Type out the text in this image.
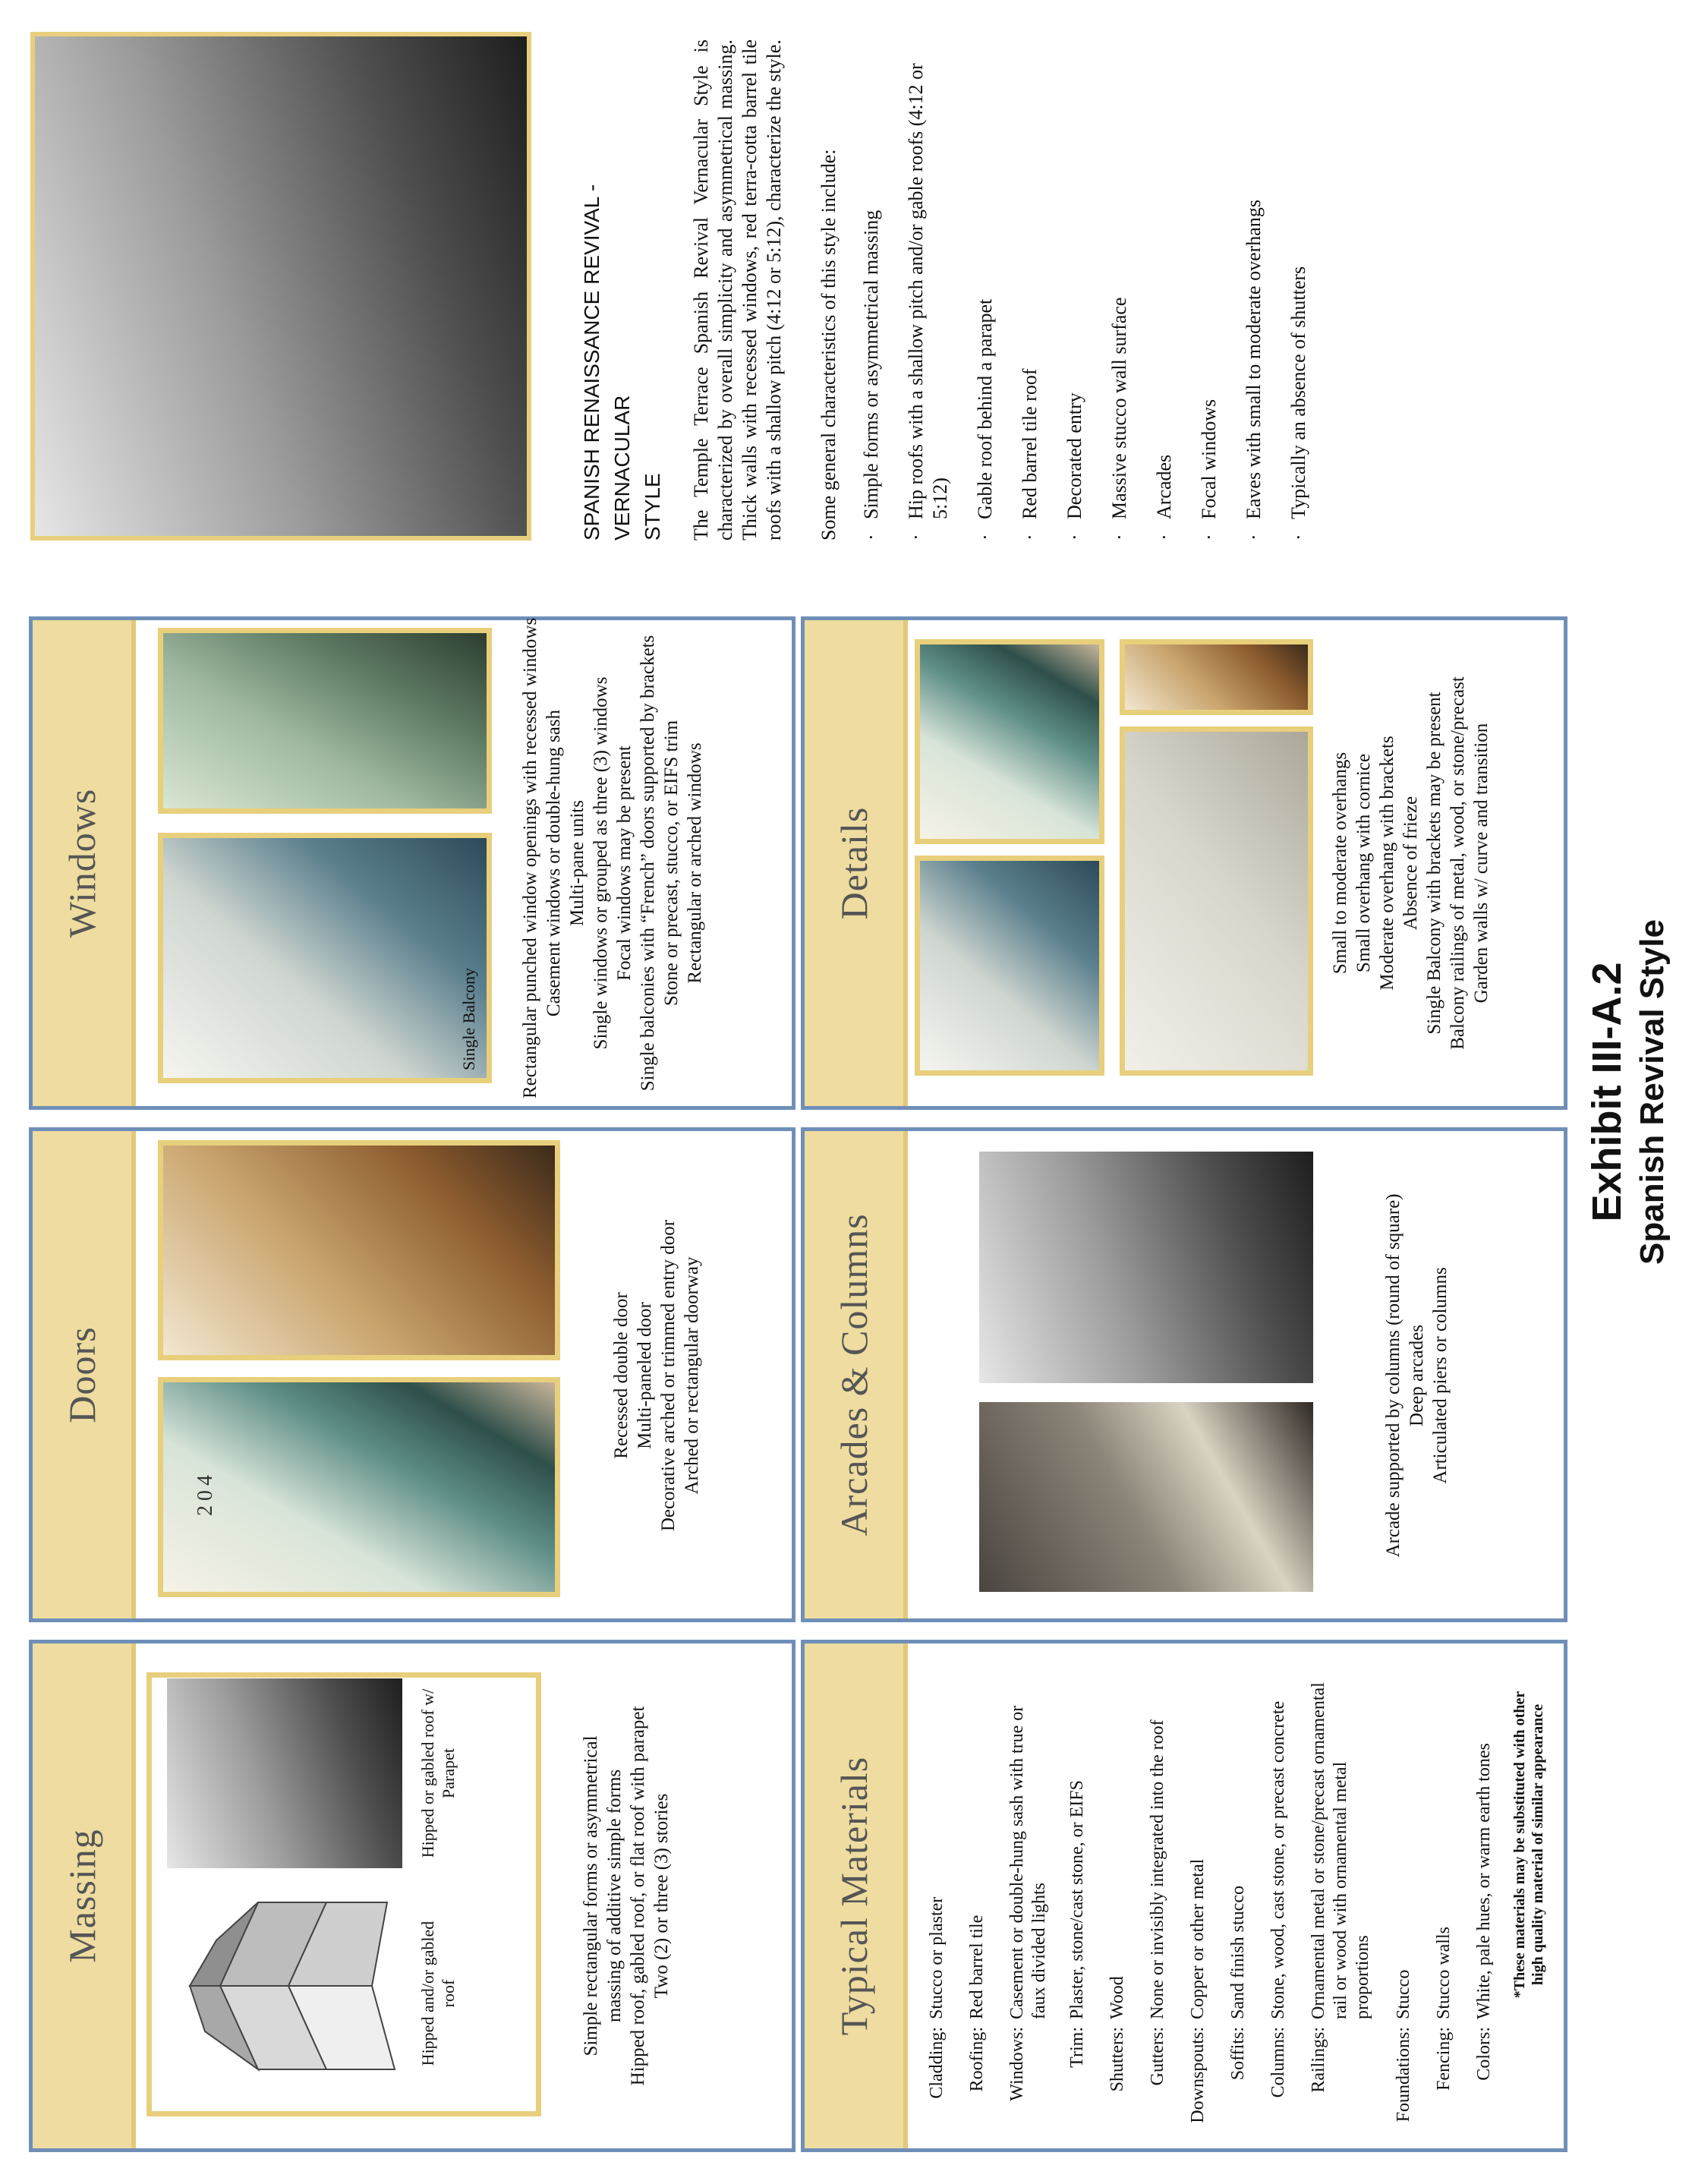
Massing
Hipped and/or gabled roof
Hipped or gabled roof w/ Parapet	Simple rectangular forms or asymmetrical massing of additive simple forms Hipped roof, gabled roof, or flat roof with parapet Two (2) or three (3) stories
Doors
204
Recessed double door Multi-paneled door Decorative arched or trimmed entry door Arched or rectangular doorway
Windows
Single Balcony Rectangular punched window openings with recessed windows Casement windows or double-hung sash Multi-pane units Single windows or grouped as three (3) windows Focal windows may be present Single balconies with “French” doors supported by brackets Stone or precast, stucco, or EIFS trim Rectangular or arched windows
Typical Materials
Cladding:
Stucco or plaster
Roofing:
Red barrel tile
Windows:
Casement or double-hung sash with true or faux divided lights
Trim:
Plaster, stone/cast stone, or EIFS
Shutters:
Wood
Gutters:
None or invisibly integrated into the roof
Downspouts:
Copper or other metal
Soffits:
Sand finish stucco
Columns:
Stone, wood, cast stone, or precast concrete
Railings:
Ornamental metal or stone/precast ornamental rail or wood with ornamental metal proportions
Foundations:
Stucco
Fencing:
Stucco walls
Colors:
White, pale hues, or warm earth tones *These materials may be substituted with other high quality material of similar appearance
Arcades & Columns	Arcade supported by columns (round of square) Deep arcades Articulated piers or columns
Details	Small to moderate overhangs Small overhang with cornice Moderate overhang with brackets Absence of frieze Single Balcony with brackets may be present Balcony railings of metal, wood, or stone/precast Garden walls w/ curve and transition
SPANISH RENAISSANCE REVIVAL - VERNACULAR STYLE The Temple Terrace Spanish Revival Vernacular Style is characterized by overall simplicity and asymmetrical massing. Thick walls with recessed windows, red terra-cotta barrel tile roofs with a shallow pitch (4:12 or 5:12), characterize the style. Some general characteristics of this style include: ·
Simple forms or asymmetrical massing
·
Hip roofs with a shallow pitch and/or gable roofs (4:12 or 5:12)
·
Gable roof behind a parapet
·
Red barrel tile roof
·
Decorated entry
·
Massive stucco wall surface
·
Arcades
·
Focal windows
·
Eaves with small to moderate overhangs
·
Typically an absence of shutters
Exhibit III-A.2 Spanish Revival Style
